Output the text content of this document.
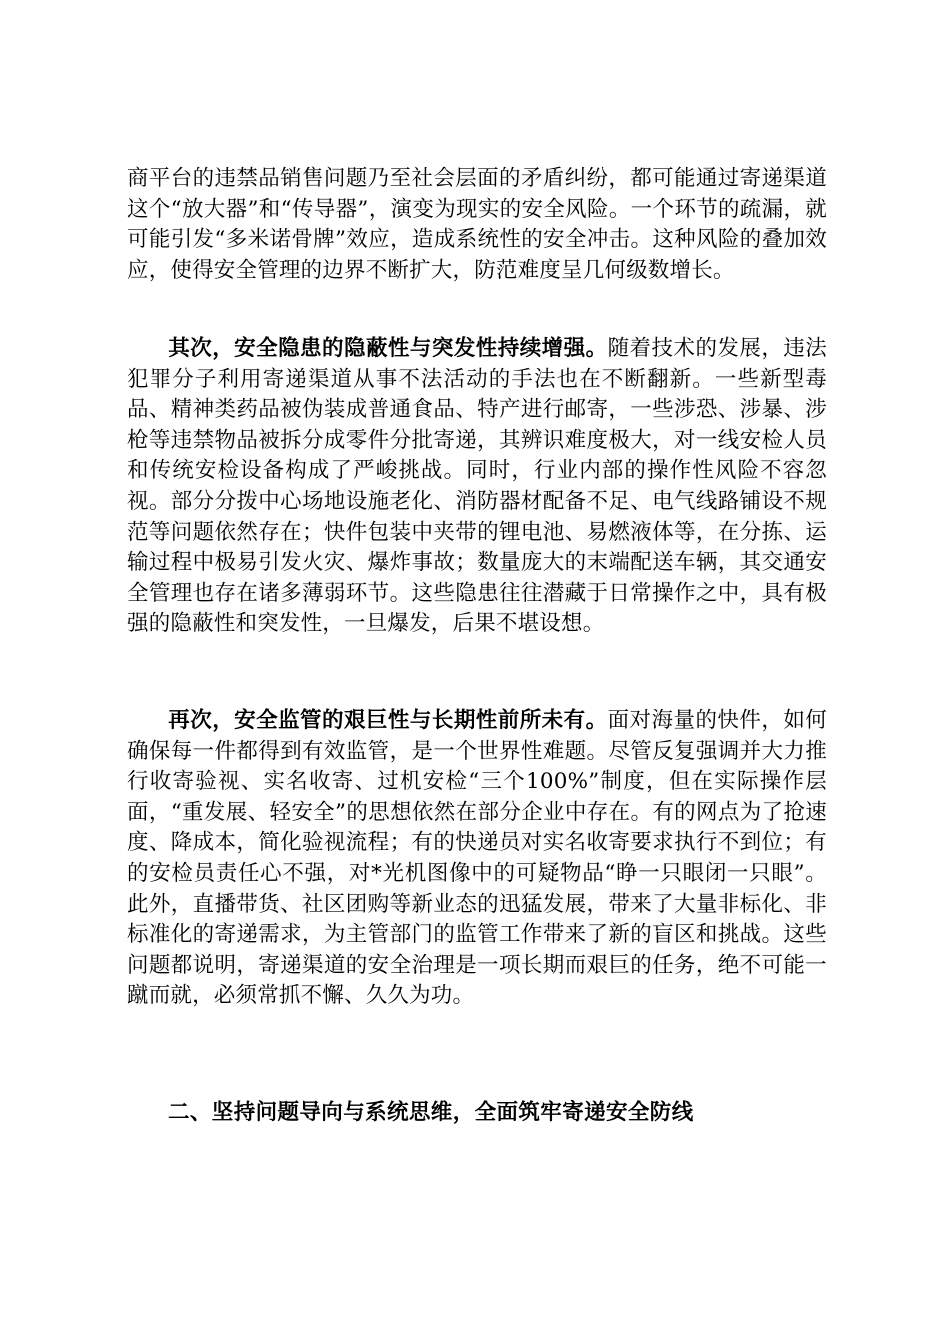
商平台的违禁品销售问题乃至社会层面的矛盾纠纷，都可能通过寄递渠道这个“放大器”和“传导器”，演变为现实的安全风险。一个环节的疏漏，就可能引发“多米诺骨牌”效应，造成系统性的安全冲击。这种风险的叠加效应，使得安全管理的边界不断扩大，防范难度呈几何级数增长。

其次，安全隐患的隐蔽性与突发性持续增强。随着技术的发展，违法犯罪分子利用寄递渠道从事不法活动的手法也在不断翻新。一些新型毒品、精神类药品被伪装成普通食品、特产进行邮寄，一些涉恐、涉暴、涉枪等违禁物品被拆分成零件分批寄递，其辨识难度极大，对一线安检人员和传统安检设备构成了严峻挑战。同时，行业内部的操作性风险不容忽视。部分分拨中心场地设施老化、消防器材配备不足、电气线路铺设不规范等问题依然存在；快件包装中夹带的锂电池、易燃液体等，在分拣、运输过程中极易引发火灾、爆炸事故；数量庞大的末端配送车辆，其交通安全管理也存在诸多薄弱环节。这些隐患往往潜藏于日常操作之中，具有极强的隐蔽性和突发性，一旦爆发，后果不堪设想。

再次，安全监管的艰巨性与长期性前所未有。面对海量的快件，如何确保每一件都得到有效监管，是一个世界性难题。尽管反复强调并大力推行收寄验视、实名收寄、过机安检“三个100%”制度，但在实际操作层面，“重发展、轻安全”的思想依然在部分企业中存在。有的网点为了抢速度、降成本，简化验视流程；有的快递员对实名收寄要求执行不到位；有的安检员责任心不强，对*光机图像中的可疑物品“睁一只眼闭一只眼”。此外，直播带货、社区团购等新业态的迅猛发展，带来了大量非标化、非标准化的寄递需求，为主管部门的监管工作带来了新的盲区和挑战。这些问题都说明，寄递渠道的安全治理是一项长期而艰巨的任务，绝不可能一蹴而就，必须常抓不懈、久久为功。

二、坚持问题导向与系统思维，全面筑牢寄递安全防线
